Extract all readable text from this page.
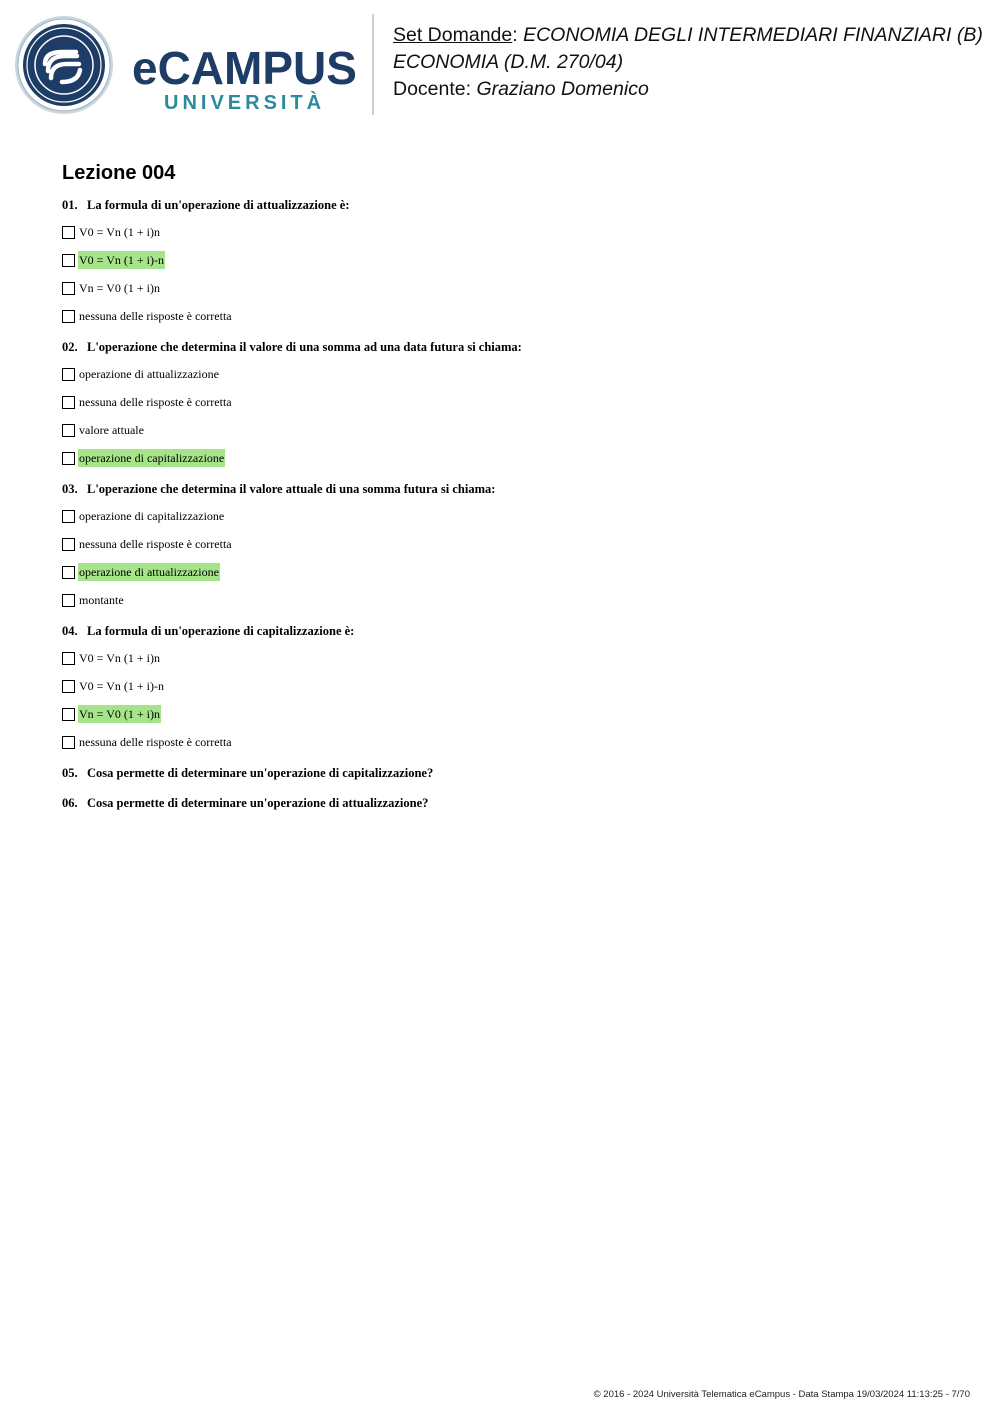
eCAMPUS
UNIVERSITÀ
Set Domande: ECONOMIA DEGLI INTERMEDIARI FINANZIARI (B)
ECONOMIA (D.M. 270/04)
Docente: Graziano Domenico
Lezione 004
01. La formula di un'operazione di attualizzazione è:
V0 = Vn (1 + i)n
V0 = Vn (1 + i)-n
Vn = V0 (1 + i)n
nessuna delle risposte è corretta
02. L'operazione che determina il valore di una somma ad una data futura si chiama:
operazione di attualizzazione
nessuna delle risposte è corretta
valore attuale
operazione di capitalizzazione
03. L'operazione che determina il valore attuale di una somma futura si chiama:
operazione di capitalizzazione
nessuna delle risposte è corretta
operazione di attualizzazione
montante
04. La formula di un'operazione di capitalizzazione è:
V0 = Vn (1 + i)n
V0 = Vn (1 + i)-n
Vn = V0 (1 + i)n
nessuna delle risposte è corretta
05. Cosa permette di determinare un'operazione di capitalizzazione?
06. Cosa permette di determinare un'operazione di attualizzazione?
© 2016 - 2024 Università Telematica eCampus - Data Stampa 19/03/2024 11:13:25 - 7/70
